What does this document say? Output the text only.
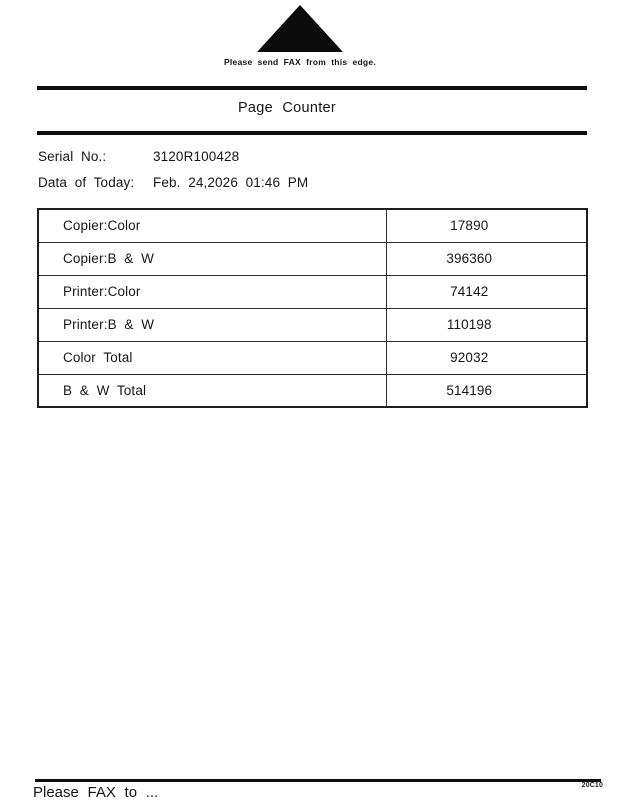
Please send FAX from this edge.
Page Counter
Serial No.:	3120R100428
Data of Today:	Feb. 24,2026 01:46 PM
Copier:Color	17890
Copier:B & W	396360
Printer:Color	74142
Printer:B & W	110198
Color Total	92032
B & W Total	514196
Please FAX to ...	20C10
